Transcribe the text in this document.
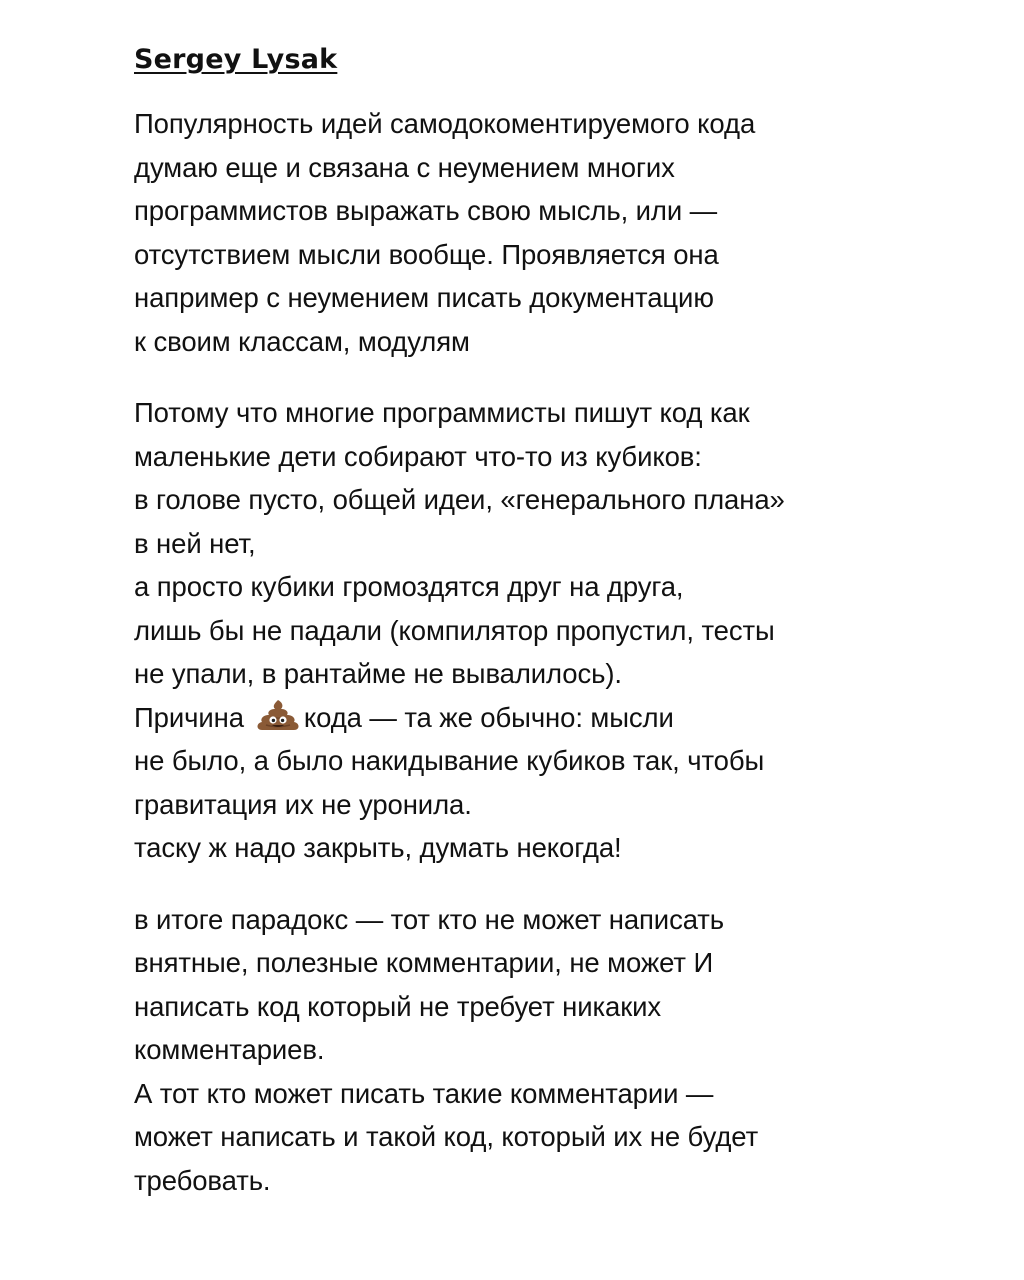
Sergey Lysak
Популярность идей самодокоментируемого кода
думаю еще и связана с неумением многих
программистов выражать свою мысль, или —
отсутствием мысли вообще. Проявляется она
например с неумением писать документацию
к своим классам, модулям
Потому что многие программисты пишут код как
маленькие дети собирают что-то из кубиков:
в голове пусто, общей идеи, «генерального плана»
в ней нет,
а просто кубики громоздятся друг на друга,
лишь бы не падали (компилятор пропустил, тесты
не упали, в рантайме не вывалилось).
Причина кода — та же обычно: мысли
не было, а было накидывание кубиков так, чтобы
гравитация их не уронила.
таску ж надо закрыть, думать некогда!
в итоге парадокс — тот кто не может написать
внятные, полезные комментарии, не может И
написать код который не требует никаких
комментариев.
А тот кто может писать такие комментарии —
может написать и такой код, который их не будет
требовать.
